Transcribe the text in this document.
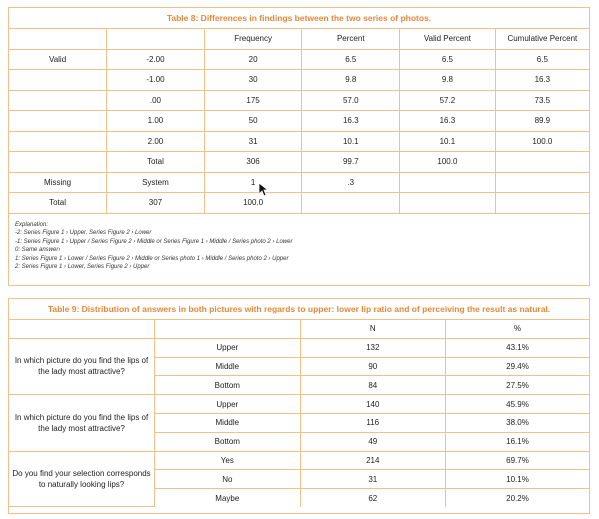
Table 8: Differences in findings between the two series of photos.
		Frequency	Percent	Valid Percent	Cumulative Percent
Valid	-2.00	20	6.5	6.5	6.5
	-1.00	30	9.8	9.8	16.3
	.00	175	57.0	57.2	73.5
	1.00	50	16.3	16.3	89.9
	2.00	31	10.1	10.1	100.0
	Total	306	99.7	100.0	
Missing	System	1	.3		
Total	307	100.0			
Explanation:
-2: Series Figure 1 › Upper, Series Figure 2 › Lower
-1: Series Figure 1 › Upper / Series Figure 2 › Middle or Series Figure 1 › Middle / Series photo 2 › Lower
0: Same answer›
1: Series Figure 1 › Lower / Series Figure 2 › Middle or Series photo 1 › Middle / Series photo 2 › Upper
2: Series Figure 1 › Lower, Series Figure 2 › Upper
Table 9: Distribution of answers in both pictures with regards to upper: lower lip ratio and of perceiving the result as natural.
		N	%
In which picture do you find the lips of the lady most attractive?	Upper	132	43.1%
	Middle	90	29.4%
	Bottom	84	27.5%
In which picture do you find the lips of the lady most attractive?	Upper	140	45.9%
	Middle	116	38.0%
	Bottom	49	16.1%
Do you find your selection corresponds to naturally looking lips?	Yes	214	69.7%
	No	31	10.1%
	Maybe	62	20.2%
